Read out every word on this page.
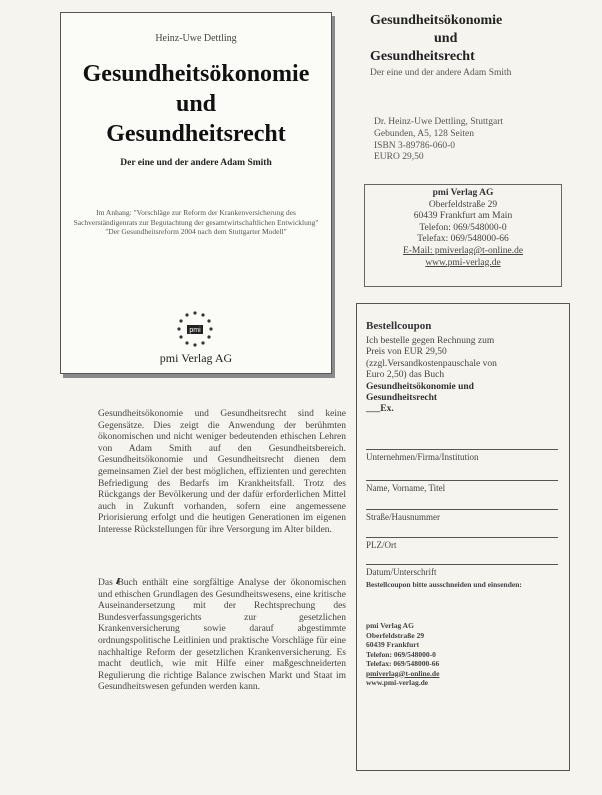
Heinz-Uwe Dettling
Gesundheitsökonomie
und
Gesundheitsrecht
Der eine und der andere Adam Smith
Im Anhang: "Vorschläge zur Reform der Krankenversicherung des Sachverständigenrats zur Begutachtung der gesamtwirtschaftlichen Entwicklung" "Der Gesundheitsreform 2004 nach dem Stuttgarter Modell"
pmi
pmi Verlag AG
Gesundheitsökonomie
und
Gesundheitsrecht
Der eine und der andere Adam Smith
Dr. Heinz-Uwe Dettling, Stuttgart
Gebunden, A5, 128 Seiten
ISBN 3-89786-060-0
EURO 29,50
pmi Verlag AG
Oberfeldstraße 29
60439 Frankfurt am Main
Telefon: 069/548000-0
Telefax: 069/548000-66
E-Mail: pmiverlag@t-online.de
www.pmi-verlag.de
Bestellcoupon
Ich bestelle gegen Rechnung zum
Preis von EUR 29,50
(zzgl.Versandkostenpauschale von
Euro 2,50) das Buch
Gesundheitsökonomie und
Gesundheitsrecht
___Ex.
Unternehmen/Firma/Institution
Name, Vorname, Titel
Straße/Hausnummer
PLZ/Ort
Datum/Unterschrift
Bestellcoupon bitte ausschneiden und einsenden:
pmi Verlag AG
Oberfeldstraße 29
60439 Frankfurt
Telefon: 069/548000-0
Telefax: 069/548000-66
pmiverlag@t-online.de
www.pmi-verlag.de
Gesundheitsökonomie und Gesundheitsrecht sind keine Gegensätze. Dies zeigt die Anwendung der berühmten ökonomischen und nicht weniger bedeutenden ethischen Lehren von Adam Smith auf den Gesundheitsbereich. Gesundheitsökonomie und Gesundheitsrecht dienen dem gemeinsamen Ziel der best möglichen, effizienten und gerechten Befriedigung des Bedarfs im Krankheitsfall. Trotz des Rückgangs der Bevölkerung und der dafür erforderlichen Mittel auch in Zukunft vorhanden, sofern eine angemessene Priorisierung erfolgt und die heutigen Generationen im eigenen Interesse Rückstellungen für ihre Versorgung im Alter bilden.
Das Buch enthält eine sorgfältige Analyse der ökonomischen und ethischen Grundlagen des Gesundheitswesens, eine kritische Auseinandersetzung mit der Rechtsprechung des Bundesverfassungsgerichts zur gesetzlichen Krankenversicherung sowie darauf abgestimmte ordnungspolitische Leitlinien und praktische Vorschläge für eine nachhaltige Reform der gesetzlichen Krankenversicherung. Es macht deutlich, wie mit Hilfe einer maßgeschneiderten Regulierung die richtige Balance zwischen Markt und Staat im Gesundheitswesen gefunden werden kann.
